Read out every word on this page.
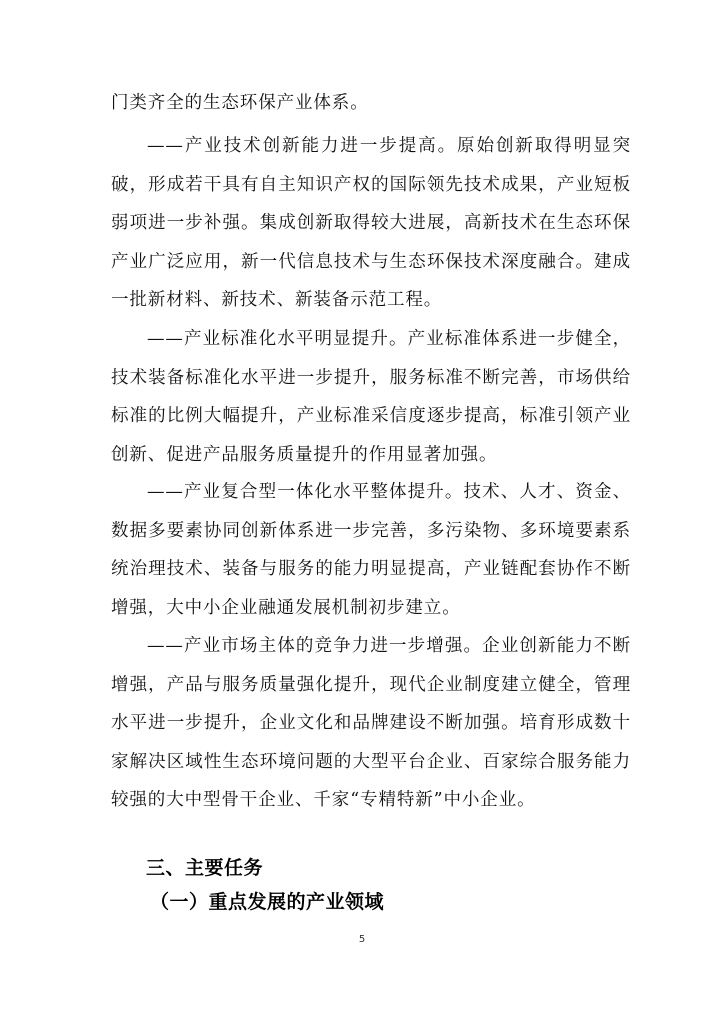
门类齐全的生态环保产业体系。

——产业技术创新能力进一步提高。原始创新取得明显突破，形成若干具有自主知识产权的国际领先技术成果，产业短板弱项进一步补强。集成创新取得较大进展，高新技术在生态环保产业广泛应用，新一代信息技术与生态环保技术深度融合。建成一批新材料、新技术、新装备示范工程。

——产业标准化水平明显提升。产业标准体系进一步健全，技术装备标准化水平进一步提升，服务标准不断完善，市场供给标准的比例大幅提升，产业标准采信度逐步提高，标准引领产业创新、促进产品服务质量提升的作用显著加强。

——产业复合型一体化水平整体提升。技术、人才、资金、数据多要素协同创新体系进一步完善，多污染物、多环境要素系统治理技术、装备与服务的能力明显提高，产业链配套协作不断增强，大中小企业融通发展机制初步建立。

——产业市场主体的竞争力进一步增强。企业创新能力不断增强，产品与服务质量强化提升，现代企业制度建立健全，管理水平进一步提升，企业文化和品牌建设不断加强。培育形成数十家解决区域性生态环境问题的大型平台企业、百家综合服务能力较强的大中型骨干企业、千家“专精特新”中小企业。

三、主要任务
（一）重点发展的产业领域
5
